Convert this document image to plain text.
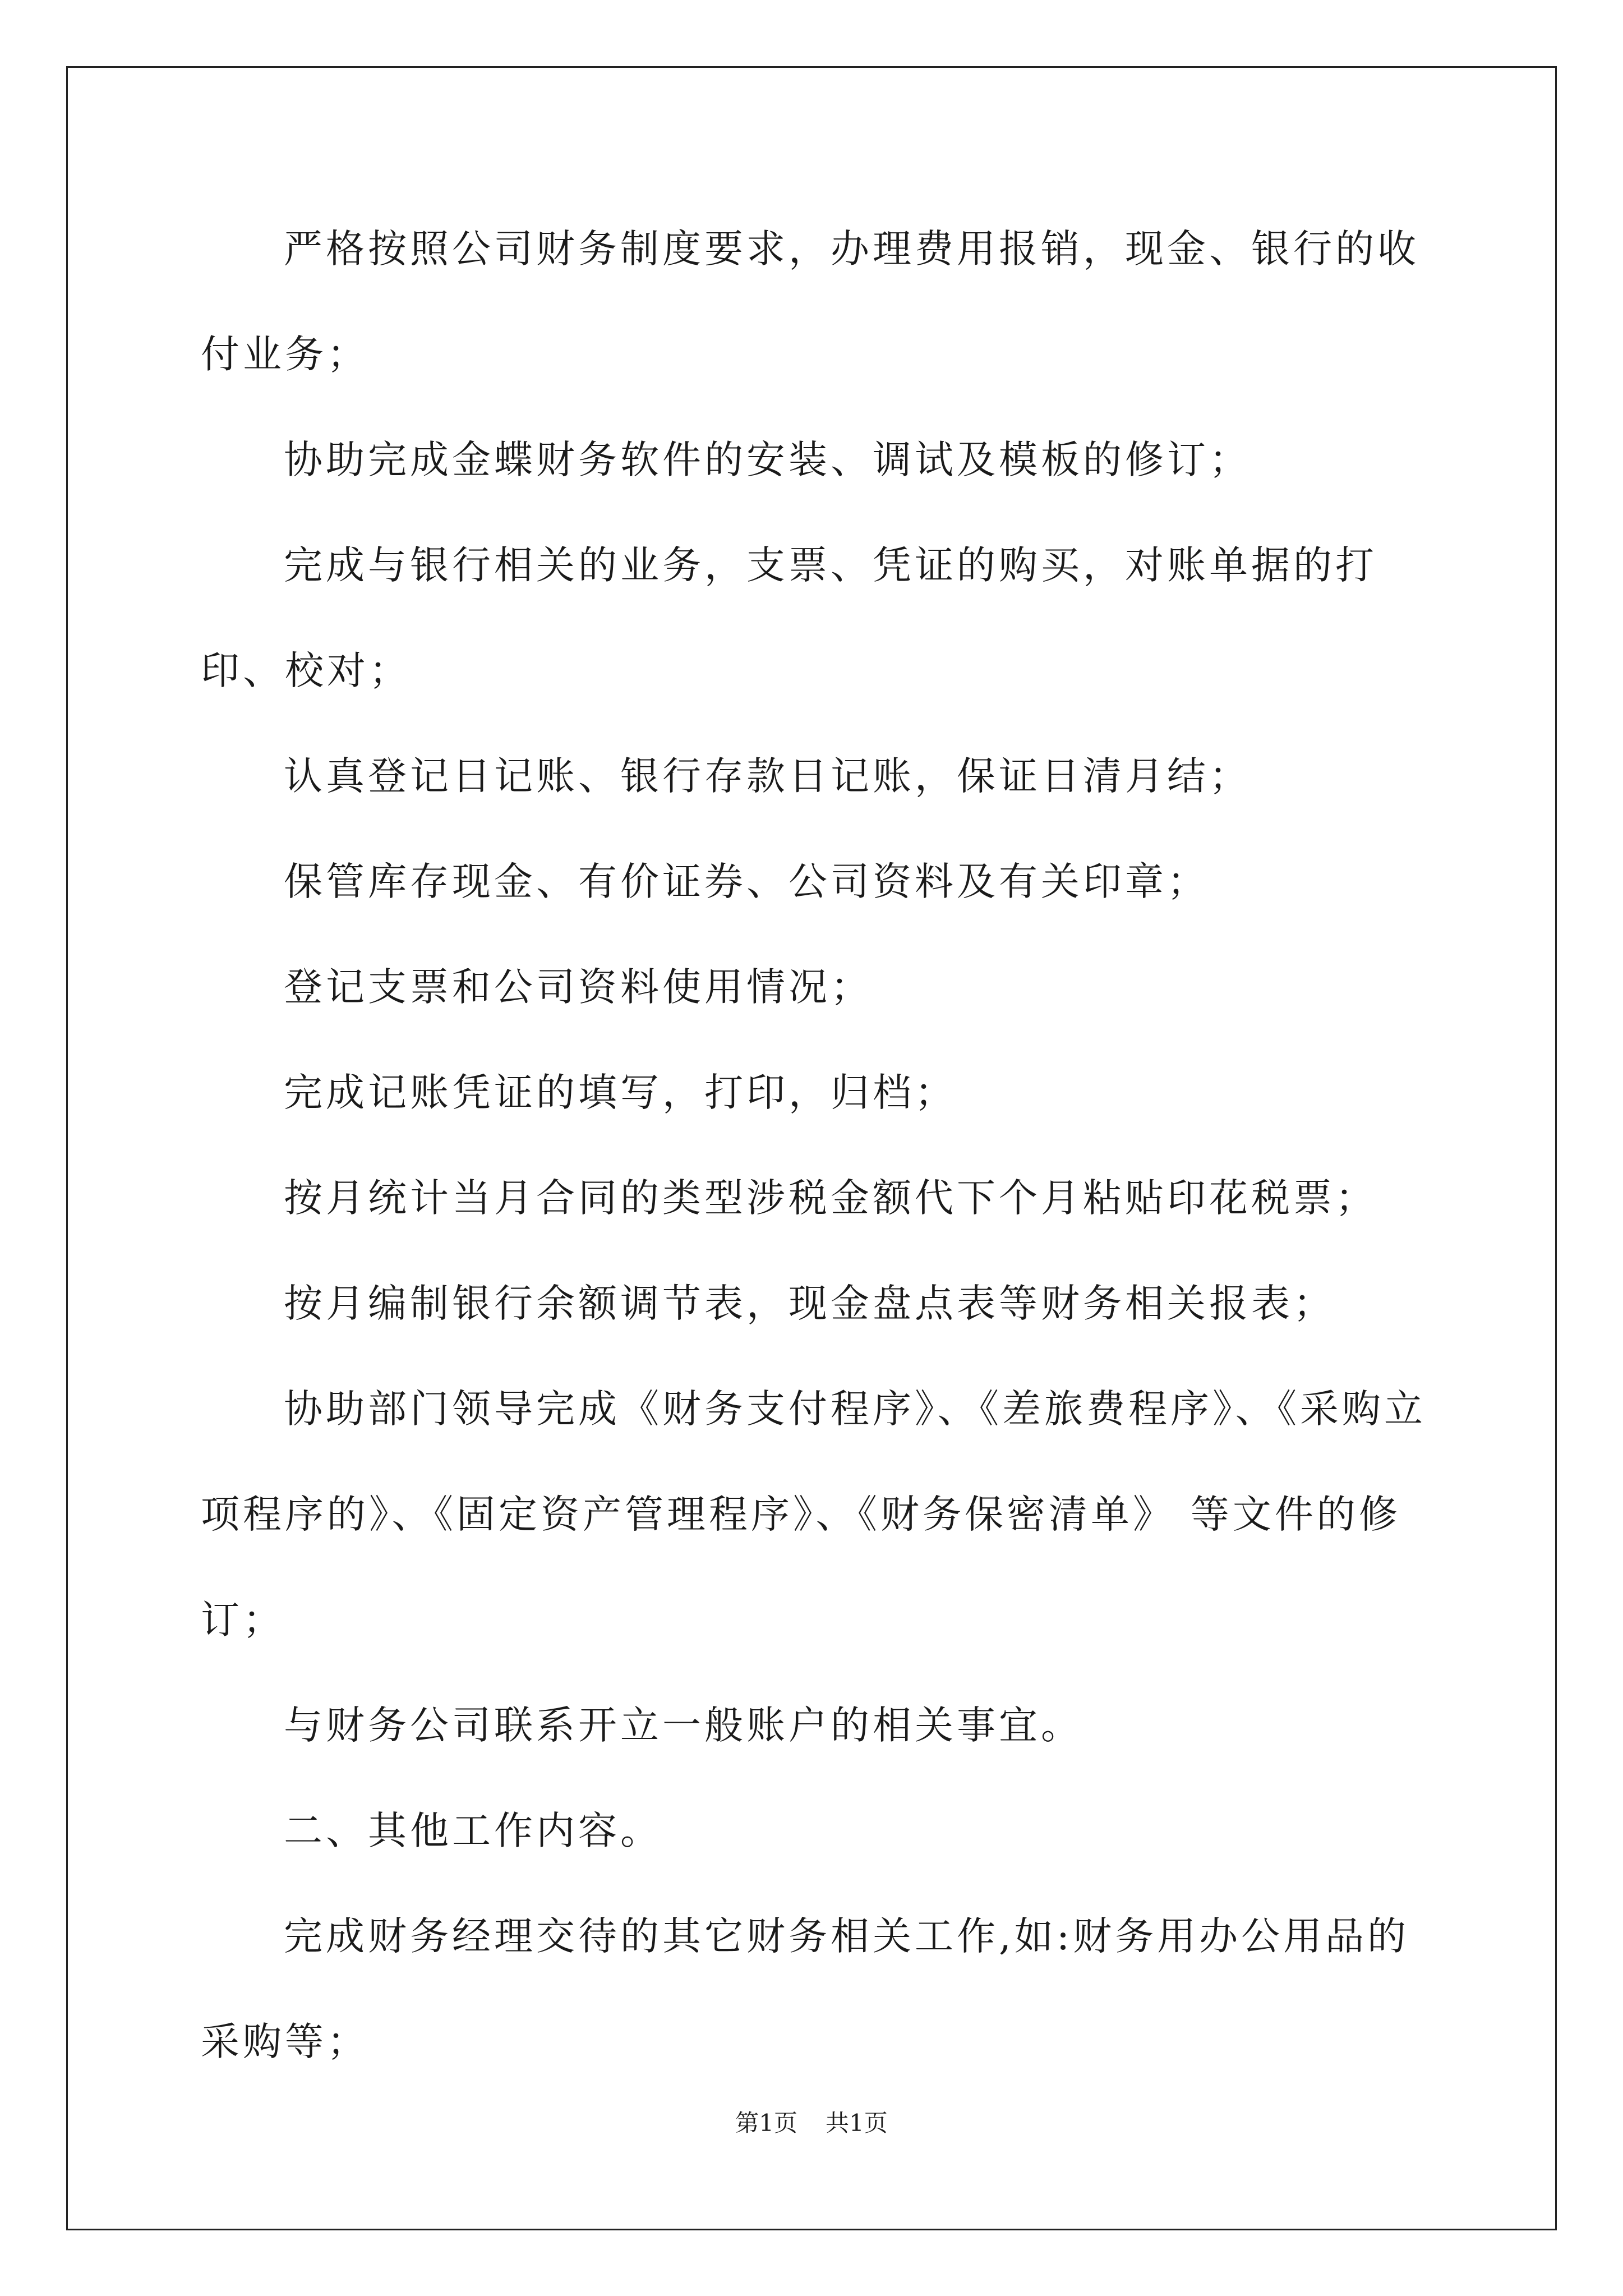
严格按照公司财务制度要求，办理费用报销，现金、银行的收付业务；

协助完成金蝶财务软件的安装、调试及模板的修订；

完成与银行相关的业务，支票、凭证的购买，对账单据的打印、校对；

认真登记日记账、银行存款日记账，保证日清月结；

保管库存现金、有价证券、公司资料及有关印章；

登记支票和公司资料使用情况；

完成记账凭证的填写，打印，归档；

按月统计当月合同的类型涉税金额代下个月粘贴印花税票；

按月编制银行余额调节表，现金盘点表等财务相关报表；

协助部门领导完成《财务支付程序》、《差旅费程序》、《采购立项程序的》、《固定资产管理程序》、《财务保密清单》 等文件的修订；

与财务公司联系开立一般账户的相关事宜。

二、其他工作内容。

完成财务经理交待的其它财务相关工作,如:财务用办公用品的采购等；

第1页 共1页
